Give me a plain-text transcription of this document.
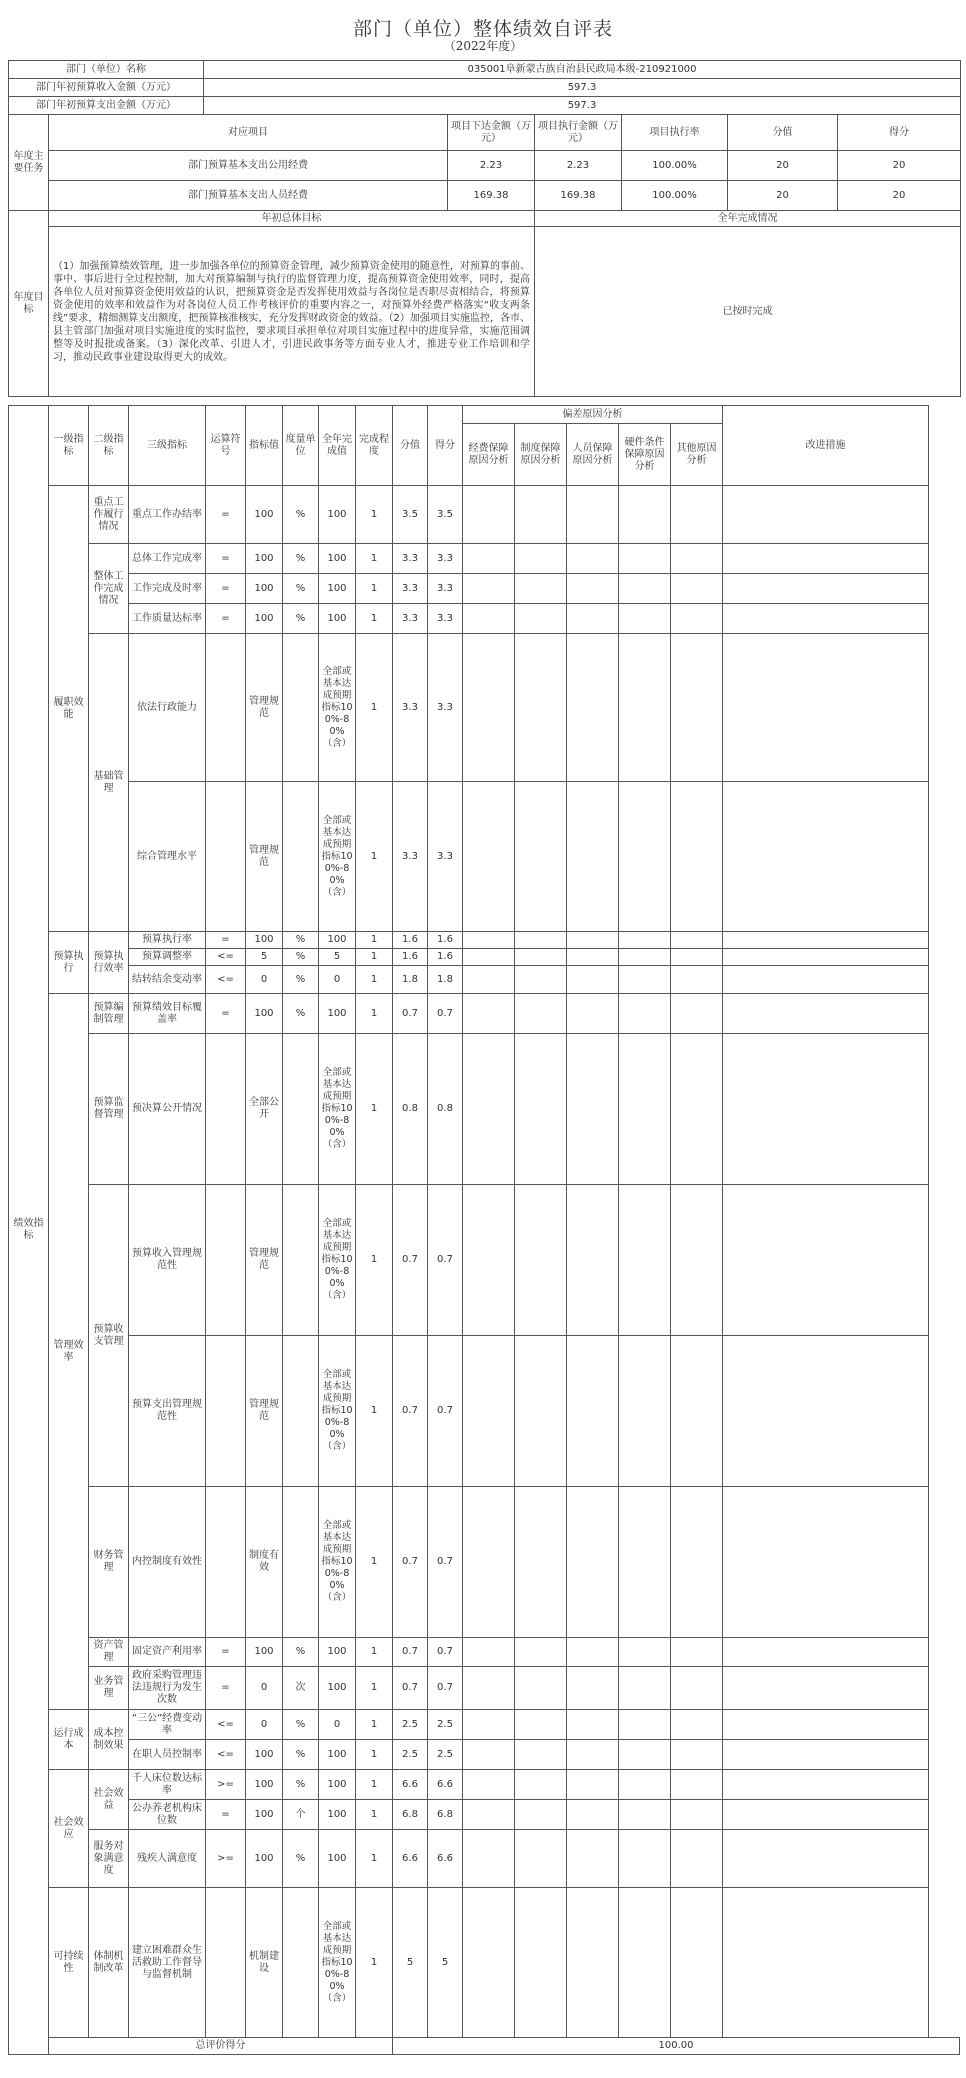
部门（单位）整体绩效自评表
（2022年度）
部门（单位）名称		035001阜新蒙古族自治县民政局本级-210921000					
部门年初预算收入金额（万元）		597.3					
部门年初预算支出金额（万元）		597.3					
年度主要任务	对应项目		项目下达金额（万元）	项目执行金额（万元）	项目执行率	分值	得分
	部门预算基本支出公用经费		2.23	2.23	100.00%	20	20
	部门预算基本支出人员经费		169.38	169.38	100.00%	20	20
年度目标	年初总体目标			全年完成情况			
	（1）加强预算绩效管理，进一步加强各单位的预算资金管理，减少预算资金使用的随意性，对预算的事前、事中、事后进行全过程控制，加大对预算编制与执行的监督管理力度，提高预算资金使用效率，同时，提高各单位人员对预算资金使用效益的认识，把预算资金是否发挥使用效益与各岗位是否职尽责相结合，将预算资金使用的效率和效益作为对各岗位人员工作考核评价的重要内容之一，对预算外经费严格落实“收支两条线”要求，精细测算支出额度，把预算核准核实，充分发挥财政资金的效益。（2）加强项目实施监控，各市、县主管部门加强对项目实施进度的实时监控，要求项目承担单位对项目实施过程中的进度异常，实施范围调整等及时报批或备案。（3）深化改革、引进人才，引进民政事务等方面专业人才，推进专业工作培训和学习，推动民政事业建设取得更大的成效。			已按时完成			
绩效指标	一级指标	二级指标	三级指标	运算符号	指标值	度量单位	全年完成值	完成程度	分值	得分	偏差原因分析					改进措施
											经费保障原因分析	制度保障原因分析	人员保障原因分析	硬件条件保障原因分析	其他原因分析	
	履职效能	重点工作履行情况	重点工作办结率	=	100	%	100	1	3.5	3.5						
		整体工作完成情况	总体工作完成率	=	100	%	100	1	3.3	3.3						
			工作完成及时率	=	100	%	100	1	3.3	3.3						
			工作质量达标率	=	100	%	100	1	3.3	3.3						
		基础管理	依法行政能力		管理规范		全部或基本达成预期指标100%-80%（含）	1	3.3	3.3						
			综合管理水平		管理规范		全部或基本达成预期指标100%-80%（含）	1	3.3	3.3						
	预算执行	预算执行效率	预算执行率	=	100	%	100	1	1.6	1.6						
			预算调整率	<=	5	%	5	1	1.6	1.6						
			结转结余变动率	<=	0	%	0	1	1.8	1.8						
	管理效率	预算编制管理	预算绩效目标覆盖率	=	100	%	100	1	0.7	0.7						
		预算监督管理	预决算公开情况		全部公开		全部或基本达成预期指标100%-80%（含）	1	0.8	0.8						
		预算收支管理	预算收入管理规范性		管理规范		全部或基本达成预期指标100%-80%（含）	1	0.7	0.7						
			预算支出管理规范性		管理规范		全部或基本达成预期指标100%-80%（含）	1	0.7	0.7						
		财务管理	内控制度有效性		制度有效		全部或基本达成预期指标100%-80%（含）	1	0.7	0.7						
		资产管理	固定资产利用率	=	100	%	100	1	0.7	0.7						
		业务管理	政府采购管理违法违规行为发生次数	=	0	次	100	1	0.7	0.7						
	运行成本	成本控制效果	“三公”经费变动率	<=	0	%	0	1	2.5	2.5						
			在职人员控制率	<=	100	%	100	1	2.5	2.5						
	社会效应	社会效益	千人床位数达标率	>=	100	%	100	1	6.6	6.6						
			公办养老机构床位数	=	100	个	100	1	6.8	6.8						
		服务对象满意度	残疾人满意度	>=	100	%	100	1	6.6	6.6						
	可持续性	体制机制改革	建立困难群众生活救助工作督导与监督机制		机制建设		全部或基本达成预期指标100%-80%（含）	1	5	5						
	总评价得分								100.00							
